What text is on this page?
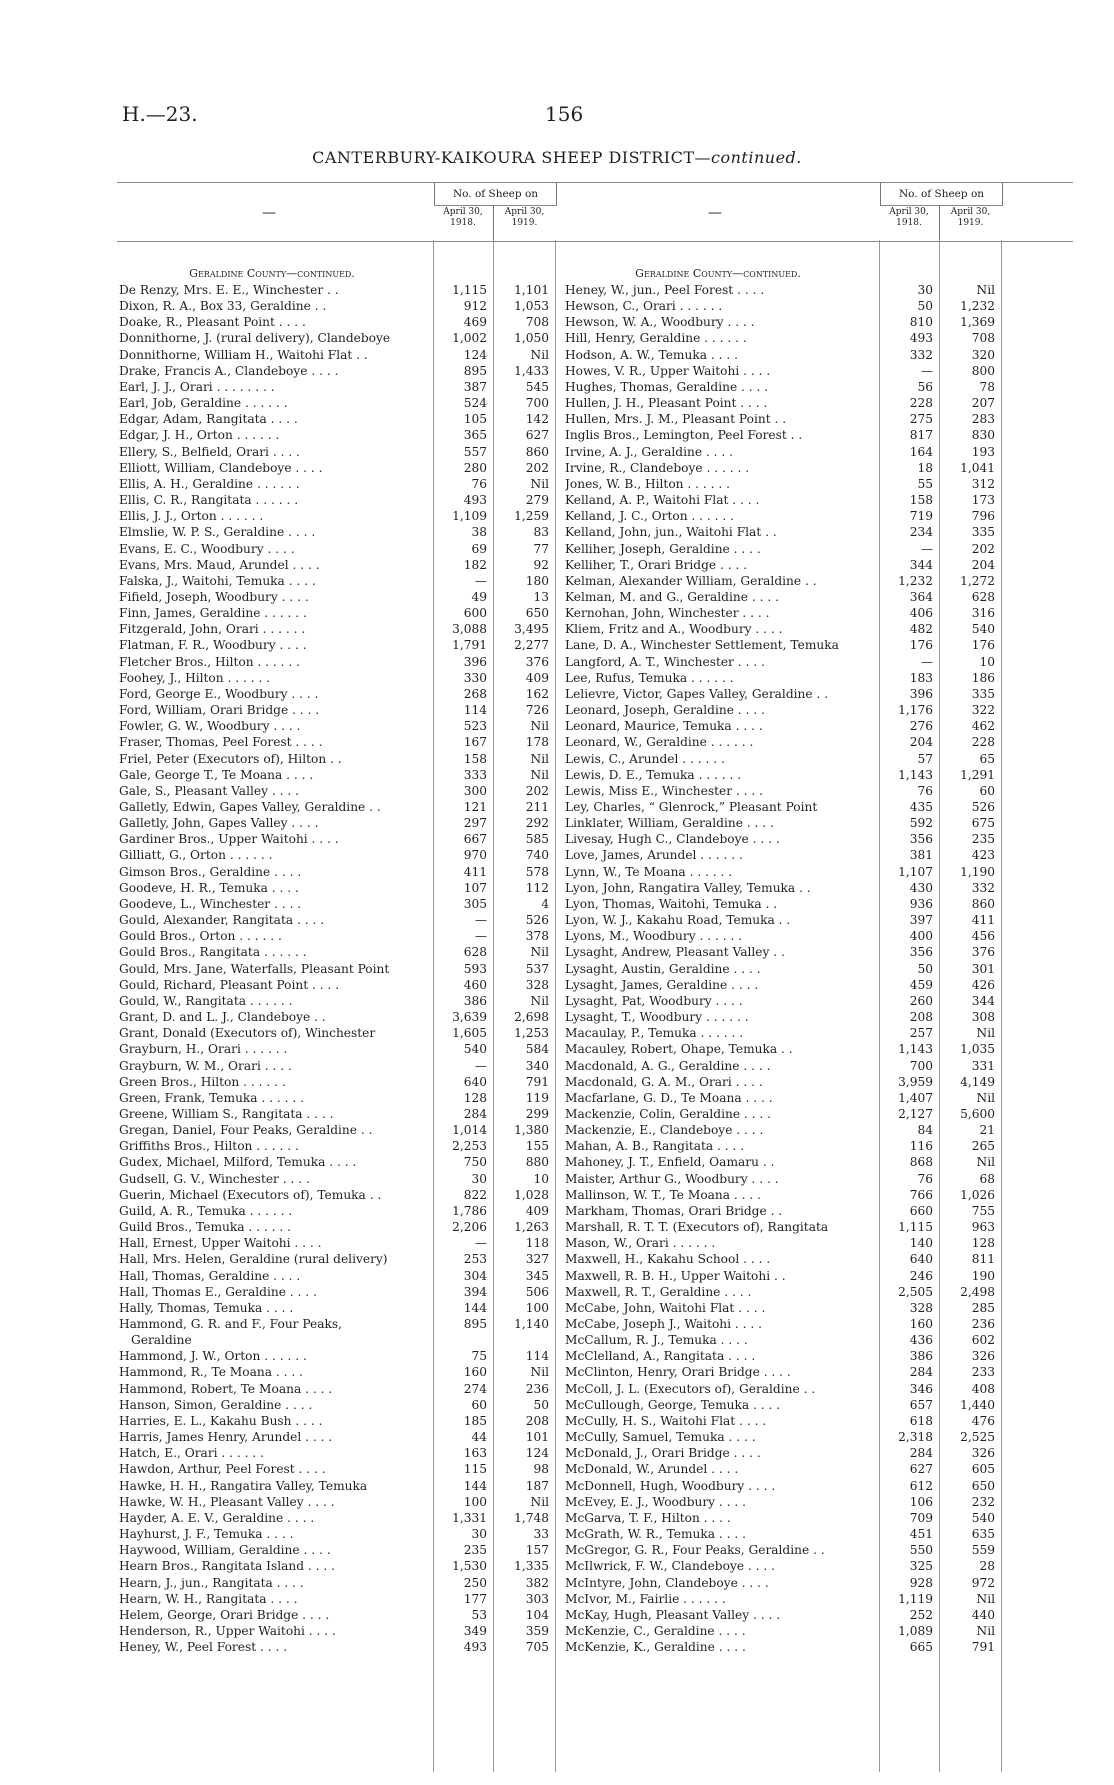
H.—23.	156
CANTERBURY-KAIKOURA SHEEP DISTRICT—continued.
—
No. of Sheep on
April 30, 1918.
April 30, 1919.
Geraldine County—continued.
De Renzy, Mrs. E. E., Winchester . .	1,115	1,101
Dixon, R. A., Box 33, Geraldine . .	912	1,053
Doake, R., Pleasant Point . . . .	469	708
Donnithorne, J. (rural delivery), Clandeboye	1,002	1,050
Donnithorne, William H., Waitohi Flat . .	124	Nil
Drake, Francis A., Clandeboye . . . .	895	1,433
Earl, J. J., Orari . . . . . . . .	387	545
Earl, Job, Geraldine . . . . . .	524	700
Edgar, Adam, Rangitata . . . .	105	142
Edgar, J. H., Orton . . . . . .	365	627
Ellery, S., Belfield, Orari . . . .	557	860
Elliott, William, Clandeboye . . . .	280	202
Ellis, A. H., Geraldine . . . . . .	76	Nil
Ellis, C. R., Rangitata . . . . . .	493	279
Ellis, J. J., Orton . . . . . .	1,109	1,259
Elmslie, W. P. S., Geraldine . . . .	38	83
Evans, E. C., Woodbury . . . .	69	77
Evans, Mrs. Maud, Arundel . . . .	182	92
Falska, J., Waitohi, Temuka . . . .	—	180
Fifield, Joseph, Woodbury . . . .	49	13
Finn, James, Geraldine . . . . . .	600	650
Fitzgerald, John, Orari . . . . . .	3,088	3,495
Flatman, F. R., Woodbury . . . .	1,791	2,277
Fletcher Bros., Hilton . . . . . .	396	376
Foohey, J., Hilton . . . . . .	330	409
Ford, George E., Woodbury . . . .	268	162
Ford, William, Orari Bridge . . . .	114	726
Fowler, G. W., Woodbury . . . .	523	Nil
Fraser, Thomas, Peel Forest . . . .	167	178
Friel, Peter (Executors of), Hilton . .	158	Nil
Gale, George T., Te Moana . . . .	333	Nil
Gale, S., Pleasant Valley . . . .	300	202
Galletly, Edwin, Gapes Valley, Geraldine . .	121	211
Galletly, John, Gapes Valley . . . .	297	292
Gardiner Bros., Upper Waitohi . . . .	667	585
Gilliatt, G., Orton . . . . . .	970	740
Gimson Bros., Geraldine . . . .	411	578
Goodeve, H. R., Temuka . . . .	107	112
Goodeve, L., Winchester . . . .	305	4
Gould, Alexander, Rangitata . . . .	—	526
Gould Bros., Orton . . . . . .	—	378
Gould Bros., Rangitata . . . . . .	628	Nil
Gould, Mrs. Jane, Waterfalls, Pleasant Point	593	537
Gould, Richard, Pleasant Point . . . .	460	328
Gould, W., Rangitata . . . . . .	386	Nil
Grant, D. and L. J., Clandeboye . .	3,639	2,698
Grant, Donald (Executors of), Winchester	1,605	1,253
Grayburn, H., Orari . . . . . .	540	584
Grayburn, W. M., Orari . . . .	—	340
Green Bros., Hilton . . . . . .	640	791
Green, Frank, Temuka . . . . . .	128	119
Greene, William S., Rangitata . . . .	284	299
Gregan, Daniel, Four Peaks, Geraldine . .	1,014	1,380
Griffiths Bros., Hilton . . . . . .	2,253	155
Gudex, Michael, Milford, Temuka . . . .	750	880
Gudsell, G. V., Winchester . . . .	30	10
Guerin, Michael (Executors of), Temuka . .	822	1,028
Guild, A. R., Temuka . . . . . .	1,786	409
Guild Bros., Temuka . . . . . .	2,206	1,263
Hall, Ernest, Upper Waitohi . . . .	—	118
Hall, Mrs. Helen, Geraldine (rural delivery)	253	327
Hall, Thomas, Geraldine . . . .	304	345
Hall, Thomas E., Geraldine . . . .	394	506
Hally, Thomas, Temuka . . . .	144	100
Hammond, G. R. and F., Four Peaks,	895	1,140
Geraldine
Hammond, J. W., Orton . . . . . .	75	114
Hammond, R., Te Moana . . . .	160	Nil
Hammond, Robert, Te Moana . . . .	274	236
Hanson, Simon, Geraldine . . . .	60	50
Harries, E. L., Kakahu Bush . . . .	185	208
Harris, James Henry, Arundel . . . .	44	101
Hatch, E., Orari . . . . . .	163	124
Hawdon, Arthur, Peel Forest . . . .	115	98
Hawke, H. H., Rangatira Valley, Temuka	144	187
Hawke, W. H., Pleasant Valley . . . .	100	Nil
Hayder, A. E. V., Geraldine . . . .	1,331	1,748
Hayhurst, J. F., Temuka . . . .	30	33
Haywood, William, Geraldine . . . .	235	157
Hearn Bros., Rangitata Island . . . .	1,530	1,335
Hearn, J., jun., Rangitata . . . .	250	382
Hearn, W. H., Rangitata . . . .	177	303
Helem, George, Orari Bridge . . . .	53	104
Henderson, R., Upper Waitohi . . . .	349	359
Heney, W., Peel Forest . . . .	493	705
—
No. of Sheep on
April 30, 1918.
April 30, 1919.
Geraldine County—continued.
Heney, W., jun., Peel Forest . . . .	30	Nil
Hewson, C., Orari . . . . . .	50	1,232
Hewson, W. A., Woodbury . . . .	810	1,369
Hill, Henry, Geraldine . . . . . .	493	708
Hodson, A. W., Temuka . . . .	332	320
Howes, V. R., Upper Waitohi . . . .	—	800
Hughes, Thomas, Geraldine . . . .	56	78
Hullen, J. H., Pleasant Point . . . .	228	207
Hullen, Mrs. J. M., Pleasant Point . .	275	283
Inglis Bros., Lemington, Peel Forest . .	817	830
Irvine, A. J., Geraldine . . . .	164	193
Irvine, R., Clandeboye . . . . . .	18	1,041
Jones, W. B., Hilton . . . . . .	55	312
Kelland, A. P., Waitohi Flat . . . .	158	173
Kelland, J. C., Orton . . . . . .	719	796
Kelland, John, jun., Waitohi Flat . .	234	335
Kelliher, Joseph, Geraldine . . . .	—	202
Kelliher, T., Orari Bridge . . . .	344	204
Kelman, Alexander William, Geraldine . .	1,232	1,272
Kelman, M. and G., Geraldine . . . .	364	628
Kernohan, John, Winchester . . . .	406	316
Kliem, Fritz and A., Woodbury . . . .	482	540
Lane, D. A., Winchester Settlement, Temuka	176	176
Langford, A. T., Winchester . . . .	—	10
Lee, Rufus, Temuka . . . . . .	183	186
Lelievre, Victor, Gapes Valley, Geraldine . .	396	335
Leonard, Joseph, Geraldine . . . .	1,176	322
Leonard, Maurice, Temuka . . . .	276	462
Leonard, W., Geraldine . . . . . .	204	228
Lewis, C., Arundel . . . . . .	57	65
Lewis, D. E., Temuka . . . . . .	1,143	1,291
Lewis, Miss E., Winchester . . . .	76	60
Ley, Charles, “ Glenrock,” Pleasant Point	435	526
Linklater, William, Geraldine . . . .	592	675
Livesay, Hugh C., Clandeboye . . . .	356	235
Love, James, Arundel . . . . . .	381	423
Lynn, W., Te Moana . . . . . .	1,107	1,190
Lyon, John, Rangatira Valley, Temuka . .	430	332
Lyon, Thomas, Waitohi, Temuka . .	936	860
Lyon, W. J., Kakahu Road, Temuka . .	397	411
Lyons, M., Woodbury . . . . . .	400	456
Lysaght, Andrew, Pleasant Valley . .	356	376
Lysaght, Austin, Geraldine . . . .	50	301
Lysaght, James, Geraldine . . . .	459	426
Lysaght, Pat, Woodbury . . . .	260	344
Lysaght, T., Woodbury . . . . . .	208	308
Macaulay, P., Temuka . . . . . .	257	Nil
Macauley, Robert, Ohape, Temuka . .	1,143	1,035
Macdonald, A. G., Geraldine . . . .	700	331
Macdonald, G. A. M., Orari . . . .	3,959	4,149
Macfarlane, G. D., Te Moana . . . .	1,407	Nil
Mackenzie, Colin, Geraldine . . . .	2,127	5,600
Mackenzie, E., Clandeboye . . . .	84	21
Mahan, A. B., Rangitata . . . .	116	265
Mahoney, J. T., Enfield, Oamaru . .	868	Nil
Maister, Arthur G., Woodbury . . . .	76	68
Mallinson, W. T., Te Moana . . . .	766	1,026
Markham, Thomas, Orari Bridge . .	660	755
Marshall, R. T. T. (Executors of), Rangitata	1,115	963
Mason, W., Orari . . . . . .	140	128
Maxwell, H., Kakahu School . . . .	640	811
Maxwell, R. B. H., Upper Waitohi . .	246	190
Maxwell, R. T., Geraldine . . . .	2,505	2,498
McCabe, John, Waitohi Flat . . . .	328	285
McCabe, Joseph J., Waitohi . . . .	160	236
McCallum, R. J., Temuka . . . .	436	602
McClelland, A., Rangitata . . . .	386	326
McClinton, Henry, Orari Bridge . . . .	284	233
McColl, J. L. (Executors of), Geraldine . .	346	408
McCullough, George, Temuka . . . .	657	1,440
McCully, H. S., Waitohi Flat . . . .	618	476
McCully, Samuel, Temuka . . . .	2,318	2,525
McDonald, J., Orari Bridge . . . .	284	326
McDonald, W., Arundel . . . .	627	605
McDonnell, Hugh, Woodbury . . . .	612	650
McEvey, E. J., Woodbury . . . .	106	232
McGarva, T. F., Hilton . . . .	709	540
McGrath, W. R., Temuka . . . .	451	635
McGregor, G. R., Four Peaks, Geraldine . .	550	559
McIlwrick, F. W., Clandeboye . . . .	325	28
McIntyre, John, Clandeboye . . . .	928	972
McIvor, M., Fairlie . . . . . .	1,119	Nil
McKay, Hugh, Pleasant Valley . . . .	252	440
McKenzie, C., Geraldine . . . .	1,089	Nil
McKenzie, K., Geraldine . . . .	665	791
